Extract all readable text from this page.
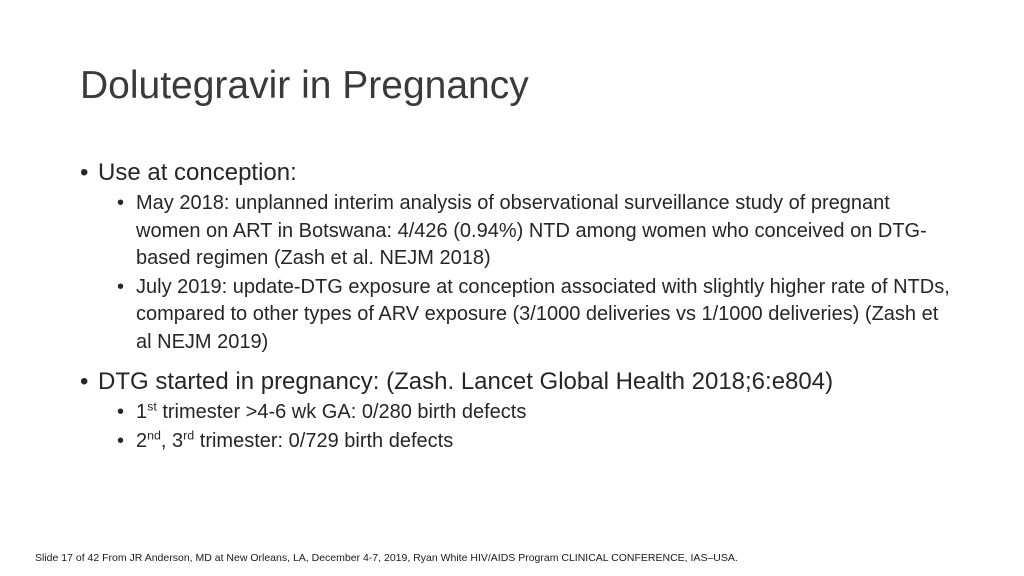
Dolutegravir in Pregnancy
• Use at conception:
• May 2018: unplanned interim analysis of observational surveillance study of pregnant women on ART in Botswana: 4/426 (0.94%) NTD among women who conceived on DTG-based regimen (Zash et al. NEJM 2018)
• July 2019: update-DTG exposure at conception associated with slightly higher rate of NTDs, compared to other types of ARV exposure (3/1000 deliveries vs 1/1000 deliveries) (Zash et al NEJM 2019)
• DTG started in pregnancy: (Zash. Lancet Global Health 2018;6:e804)
• 1st trimester >4-6 wk GA: 0/280 birth defects
• 2nd, 3rd trimester: 0/729 birth defects
Slide 17 of 42 From JR Anderson, MD at New Orleans, LA, December 4-7, 2019, Ryan White HIV/AIDS Program CLINICAL CONFERENCE, IAS–USA.
